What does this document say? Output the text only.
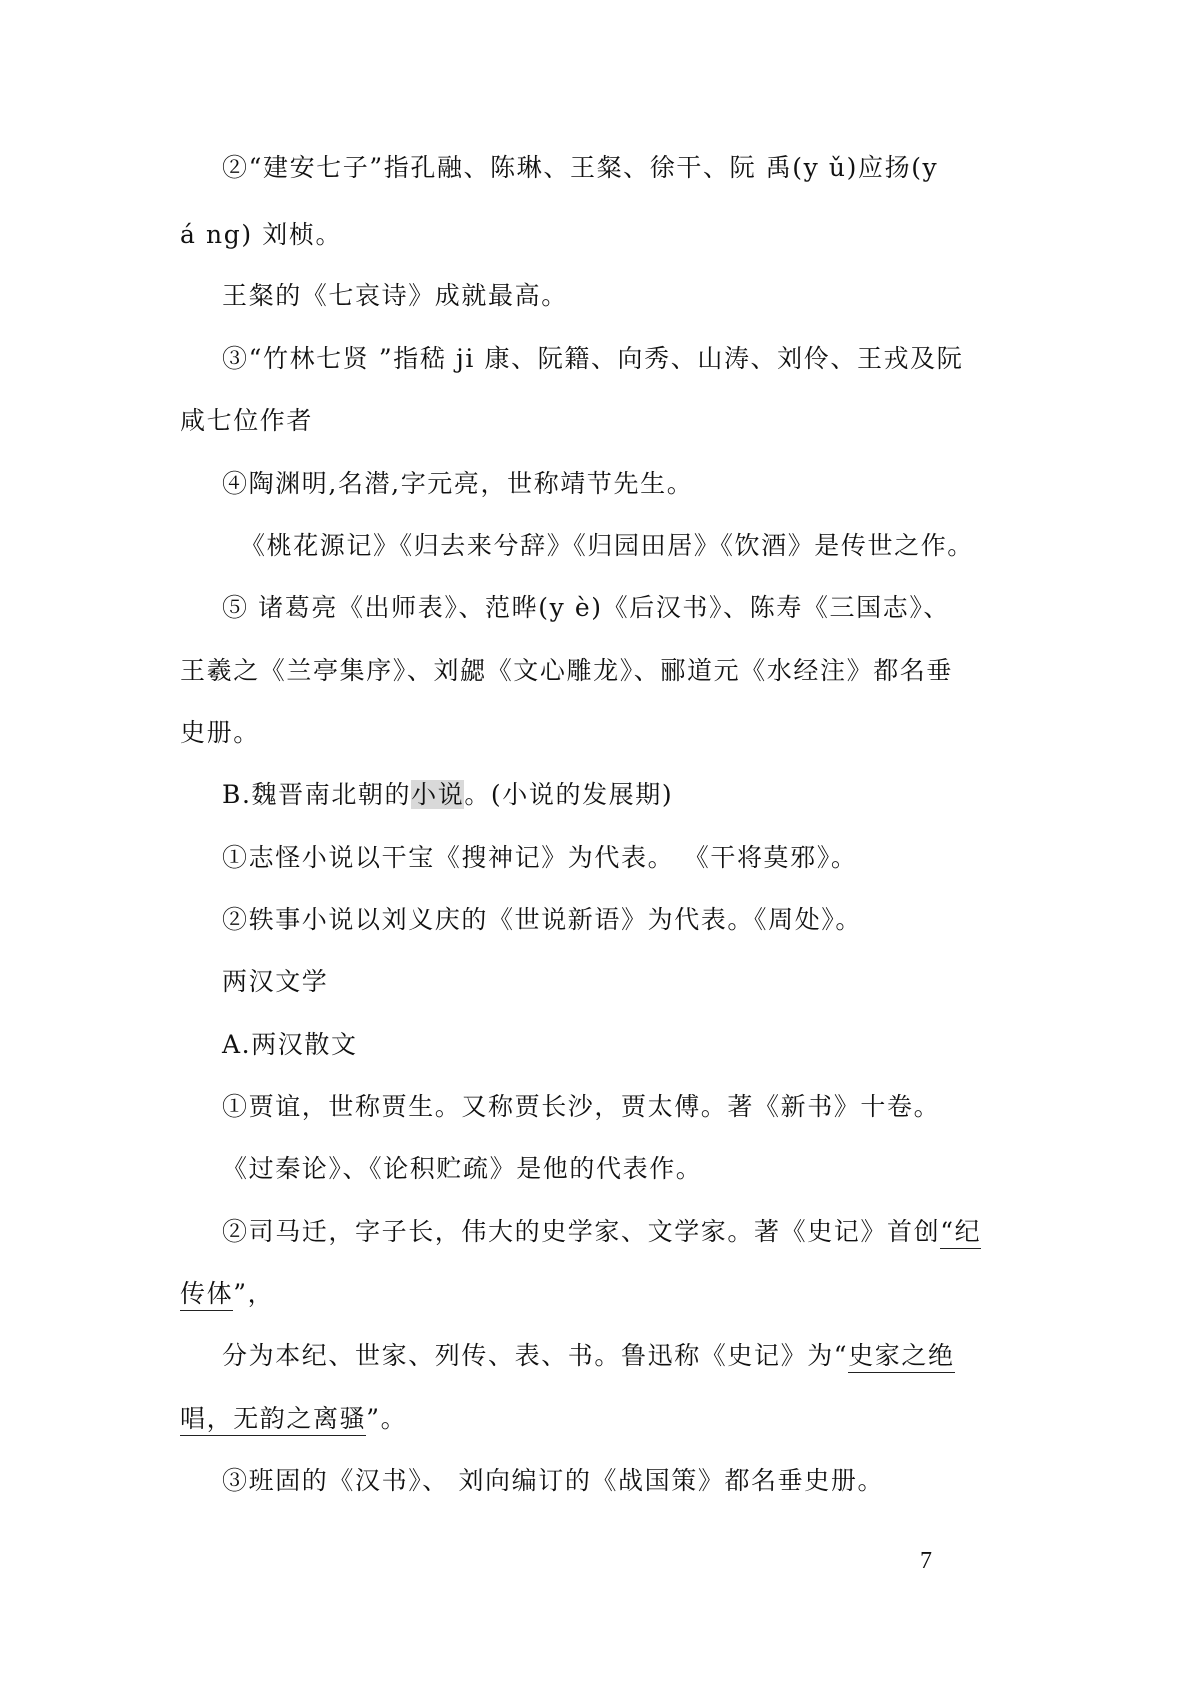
②“建安七子”指孔融、陈琳、王粲、徐干、阮 禹(y ǔ)应扬(y
á ng) 刘桢。
王粲的《七哀诗》成就最高。
③“竹林七贤 ”指嵇 ji 康、阮籍、向秀、山涛、刘伶、王戎及阮
咸七位作者
④陶渊明,名潜,字元亮，世称靖节先生。
《桃花源记》《归去来兮辞》《归园田居》《饮酒》是传世之作。
⑤ 诸葛亮《出师表》、范晔(y è)《后汉书》、陈寿《三国志》、
王羲之《兰亭集序》、刘勰《文心雕龙》、郦道元《水经注》都名垂
史册。
B.魏晋南北朝的小说。(小说的发展期)
①志怪小说以干宝《搜神记》为代表。 《干将莫邪》。
②轶事小说以刘义庆的《世说新语》为代表。《周处》。
两汉文学
A.两汉散文
①贾谊，世称贾生。又称贾长沙，贾太傅。著《新书》十卷。
《过秦论》、《论积贮疏》是他的代表作。
②司马迁，字子长，伟大的史学家、文学家。著《史记》首创“纪
传体”，
分为本纪、世家、列传、表、书。鲁迅称《史记》为“史家之绝
唱，无韵之离骚”。
③班固的《汉书》、 刘向编订的《战国策》都名垂史册。
7
